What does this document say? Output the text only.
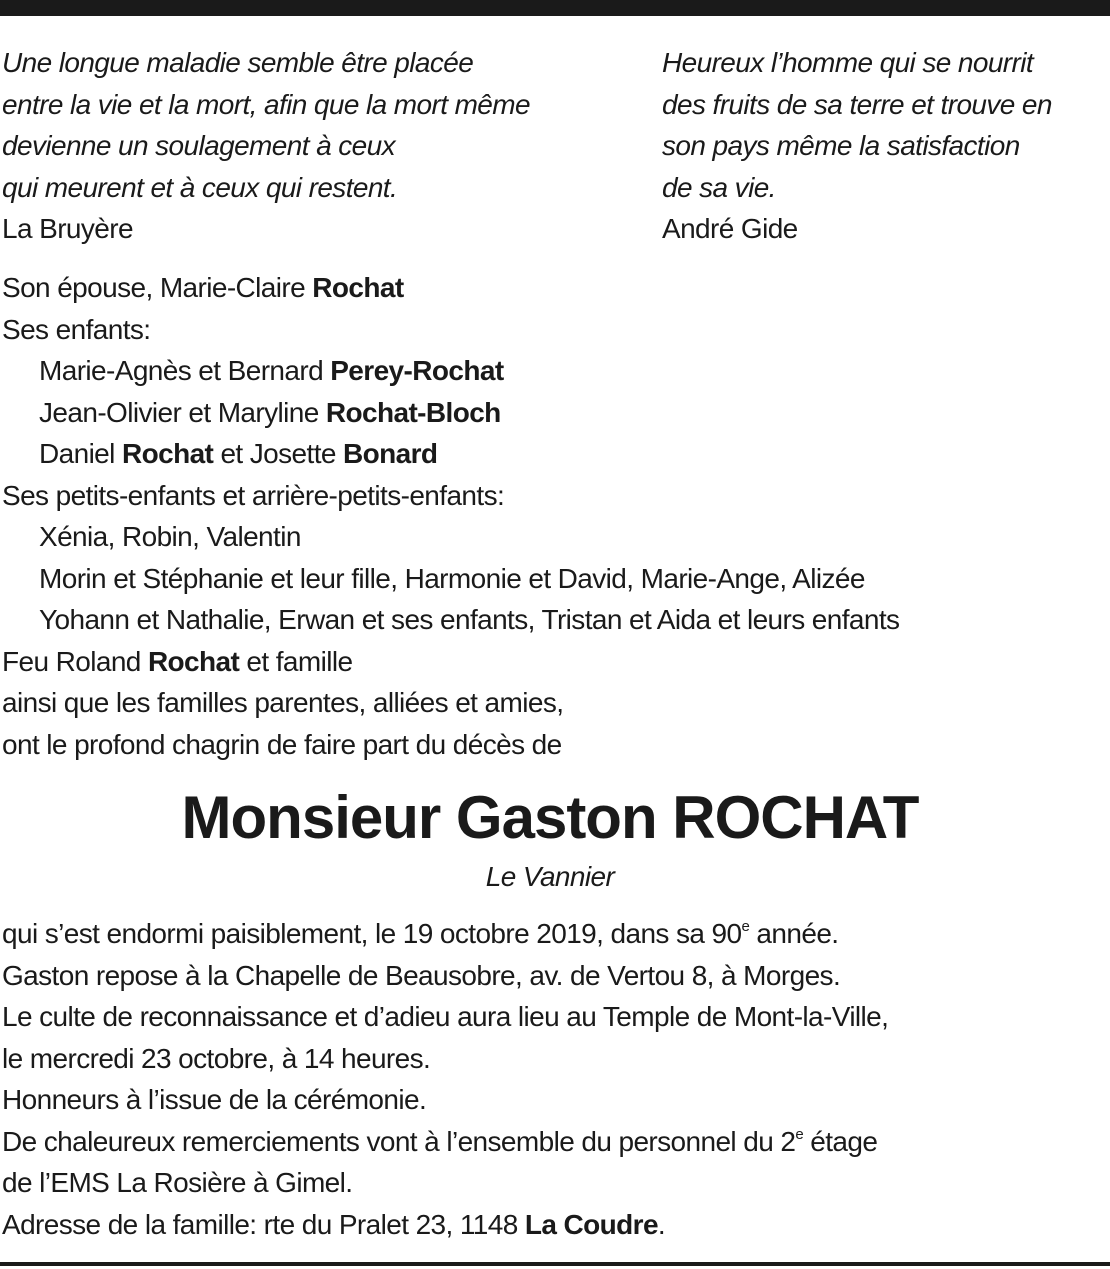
Une longue maladie semble être placée
entre la vie et la mort, afin que la mort même
devienne un soulagement à ceux
qui meurent et à ceux qui restent.
La Bruyère
Heureux l’homme qui se nourrit
des fruits de sa terre et trouve en
son pays même la satisfaction
de sa vie.
André Gide
Son épouse, Marie-Claire Rochat
Ses enfants:
Marie-Agnès et Bernard Perey-Rochat
Jean-Olivier et Maryline Rochat-Bloch
Daniel Rochat et Josette Bonard
Ses petits-enfants et arrière-petits-enfants:
Xénia, Robin, Valentin
Morin et Stéphanie et leur fille, Harmonie et David, Marie-Ange, Alizée
Yohann et Nathalie, Erwan et ses enfants, Tristan et Aida et leurs enfants
Feu Roland Rochat et famille
ainsi que les familles parentes, alliées et amies,
ont le profond chagrin de faire part du décès de
Monsieur Gaston ROCHAT
Le Vannier
qui s’est endormi paisiblement, le 19 octobre 2019, dans sa 90e année.
Gaston repose à la Chapelle de Beausobre, av. de Vertou 8, à Morges.
Le culte de reconnaissance et d’adieu aura lieu au Temple de Mont-la-Ville,
le mercredi 23 octobre, à 14 heures.
Honneurs à l’issue de la cérémonie.
De chaleureux remerciements vont à l’ensemble du personnel du 2e étage
de l’EMS La Rosière à Gimel.
Adresse de la famille: rte du Pralet 23, 1148 La Coudre.
